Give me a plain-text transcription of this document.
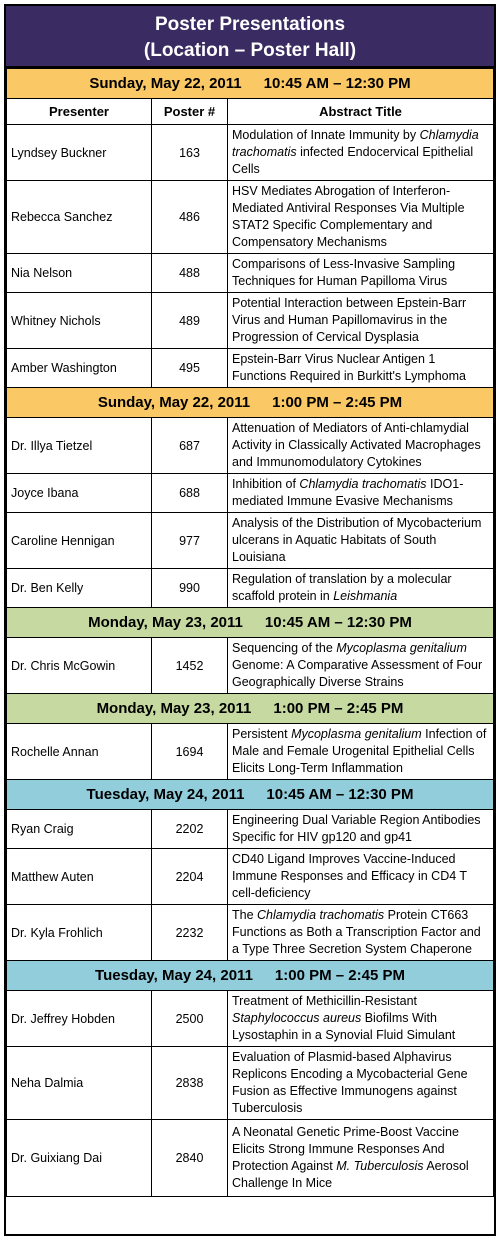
Poster Presentations
(Location – Poster Hall)
Sunday, May 22, 2011 10:45 AM – 12:30 PM		
Presenter	Poster #	Abstract Title
Lyndsey Buckner	163	Modulation of Innate Immunity by Chlamydia trachomatis infected Endocervical Epithelial Cells
Rebecca Sanchez	486	HSV Mediates Abrogation of Interferon-Mediated Antiviral Responses Via Multiple STAT2 Specific Complementary and Compensatory Mechanisms
Nia Nelson	488	Comparisons of Less-Invasive Sampling Techniques for Human Papilloma Virus
Whitney Nichols	489	Potential Interaction between Epstein-Barr Virus and Human Papillomavirus in the Progression of Cervical Dysplasia
Amber Washington	495	Epstein-Barr Virus Nuclear Antigen 1 Functions Required in Burkitt's Lymphoma
Sunday, May 22, 2011 1:00 PM – 2:45 PM		
Dr. Illya Tietzel	687	Attenuation of Mediators of Anti-chlamydial Activity in Classically Activated Macrophages and Immunomodulatory Cytokines
Joyce Ibana	688	Inhibition of Chlamydia trachomatis IDO1-mediated Immune Evasive Mechanisms
Caroline Hennigan	977	Analysis of the Distribution of Mycobacterium ulcerans in Aquatic Habitats of South Louisiana
Dr. Ben Kelly	990	Regulation of translation by a molecular scaffold protein in Leishmania
Monday, May 23, 2011 10:45 AM – 12:30 PM		
Dr. Chris McGowin	1452	Sequencing of the Mycoplasma genitalium Genome: A Comparative Assessment of Four Geographically Diverse Strains
Monday, May 23, 2011 1:00 PM – 2:45 PM		
Rochelle Annan	1694	Persistent Mycoplasma genitalium Infection of Male and Female Urogenital Epithelial Cells Elicits Long-Term Inflammation
Tuesday, May 24, 2011 10:45 AM – 12:30 PM		
Ryan Craig	2202	Engineering Dual Variable Region Antibodies Specific for HIV gp120 and gp41
Matthew Auten	2204	CD40 Ligand Improves Vaccine-Induced Immune Responses and Efficacy in CD4 T cell-deficiency
Dr. Kyla Frohlich	2232	The Chlamydia trachomatis Protein CT663 Functions as Both a Transcription Factor and a Type Three Secretion System Chaperone
Tuesday, May 24, 2011 1:00 PM – 2:45 PM		
Dr. Jeffrey Hobden	2500	Treatment of Methicillin-Resistant Staphylococcus aureus Biofilms With Lysostaphin in a Synovial Fluid Simulant
Neha Dalmia	2838	Evaluation of Plasmid-based Alphavirus Replicons Encoding a Mycobacterial Gene Fusion as Effective Immunogens against Tuberculosis
Dr. Guixiang Dai	2840	A Neonatal Genetic Prime-Boost Vaccine Elicits Strong Immune Responses And Protection Against M. Tuberculosis Aerosol Challenge In Mice
